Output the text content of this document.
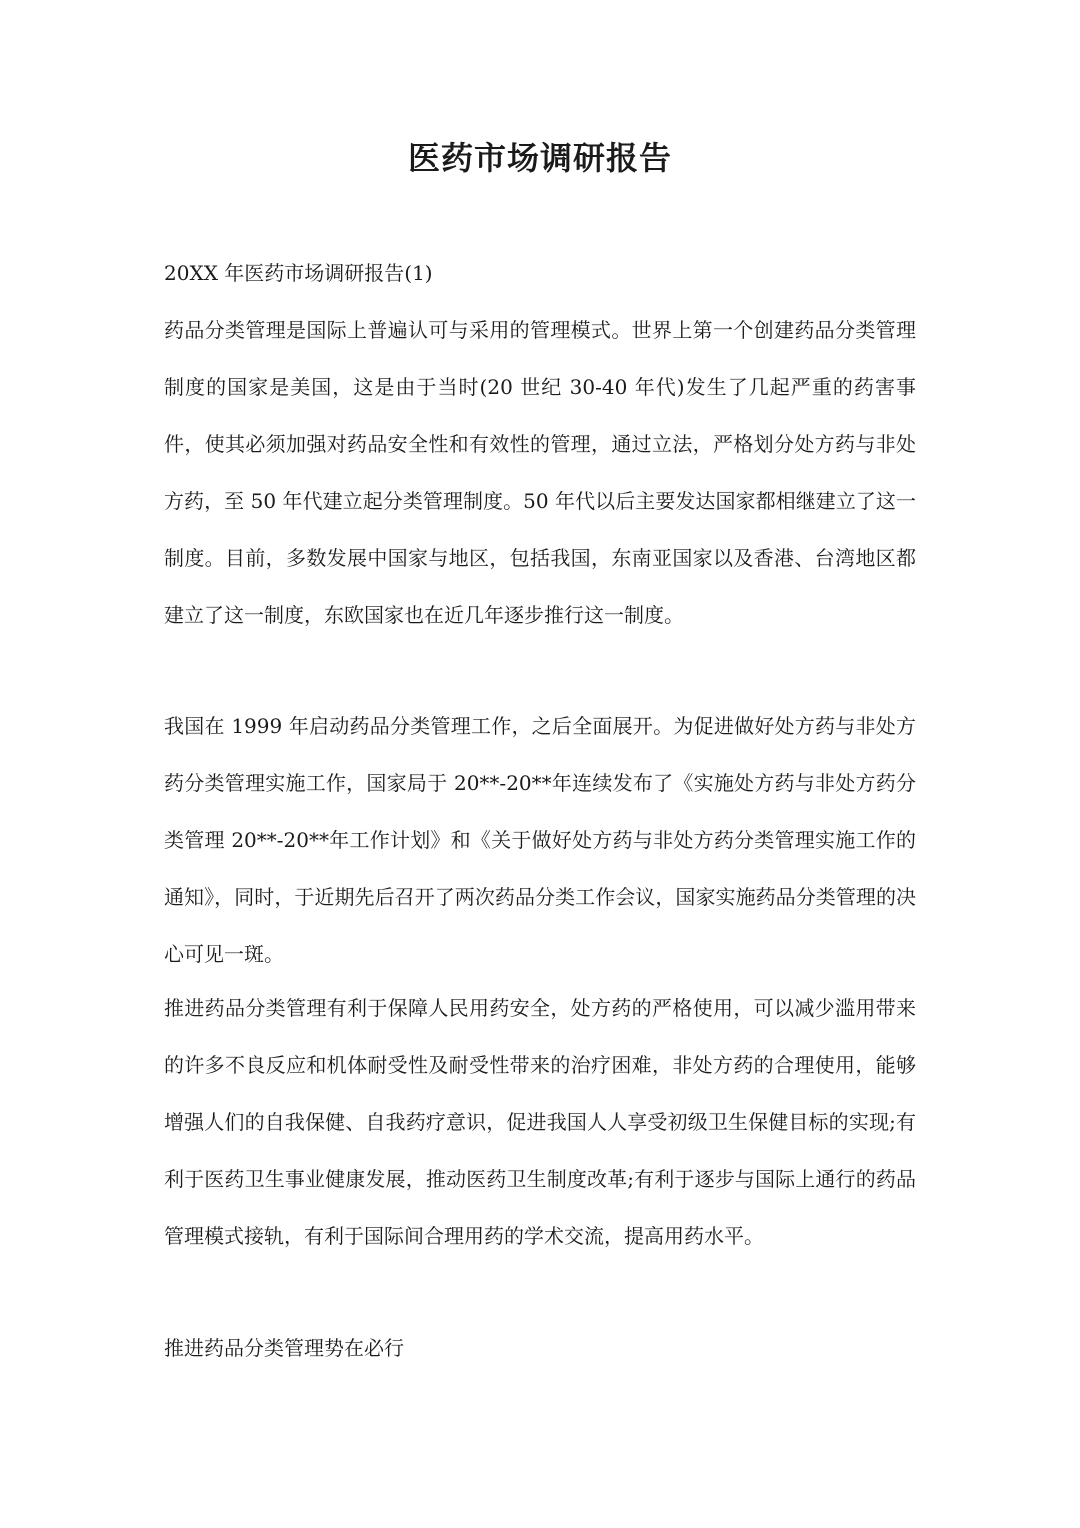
医药市场调研报告

20XX 年医药市场调研报告(1)

药品分类管理是国际上普遍认可与采用的管理模式。世界上第一个创建药品分类管理制度的国家是美国，这是由于当时(20 世纪 30-40 年代)发生了几起严重的药害事件，使其必须加强对药品安全性和有效性的管理，通过立法，严格划分处方药与非处方药，至 50 年代建立起分类管理制度。50 年代以后主要发达国家都相继建立了这一制度。目前，多数发展中国家与地区，包括我国，东南亚国家以及香港、台湾地区都建立了这一制度，东欧国家也在近几年逐步推行这一制度。

我国在 1999 年启动药品分类管理工作，之后全面展开。为促进做好处方药与非处方药分类管理实施工作，国家局于 20**-20**年连续发布了《实施处方药与非处方药分类管理 20**-20**年工作计划》和《关于做好处方药与非处方药分类管理实施工作的通知》，同时，于近期先后召开了两次药品分类工作会议，国家实施药品分类管理的决心可见一斑。

推进药品分类管理有利于保障人民用药安全，处方药的严格使用，可以减少滥用带来的许多不良反应和机体耐受性及耐受性带来的治疗困难，非处方药的合理使用，能够增强人们的自我保健、自我药疗意识，促进我国人人享受初级卫生保健目标的实现;有利于医药卫生事业健康发展，推动医药卫生制度改革;有利于逐步与国际上通行的药品管理模式接轨，有利于国际间合理用药的学术交流，提高用药水平。

推进药品分类管理势在必行
